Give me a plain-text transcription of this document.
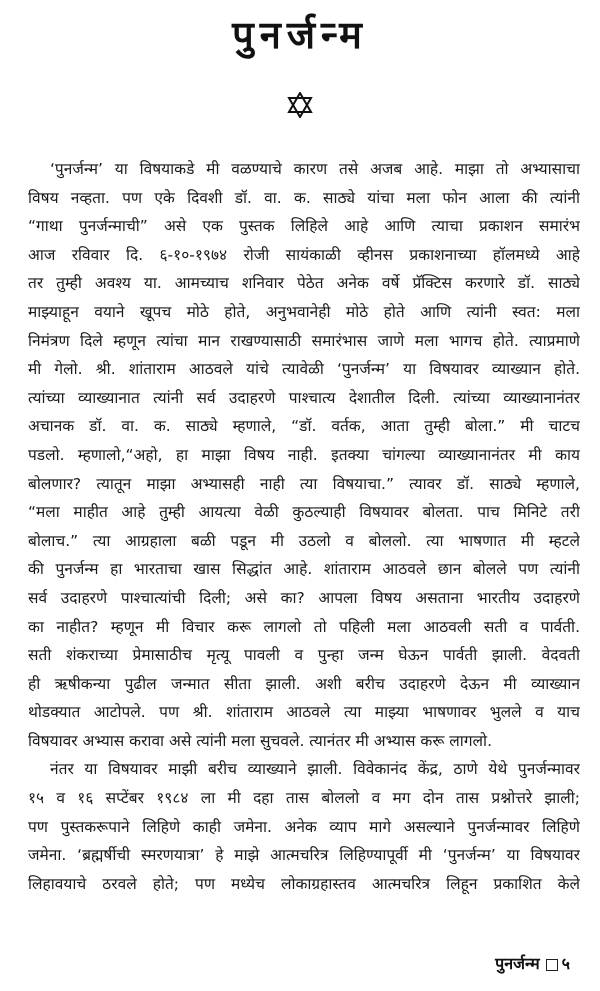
पुनर्जन्म
‘पुनर्जन्म’ या विषयाकडे मी वळण्याचे कारण तसे अजब आहे. माझा तो अभ्यासाचा
विषय नव्हता. पण एके दिवशी डॉ. वा. क. साठ्ये यांचा मला फोन आला की त्यांनी
“गाथा पुनर्जन्माची” असे एक पुस्तक लिहिले आहे आणि त्याचा प्रकाशन समारंभ
आज रविवार दि. ६-१०-१९७४ रोजी सायंकाळी व्हीनस प्रकाशनाच्या हॉलमध्ये आहे
तर तुम्ही अवश्य या. आमच्याच शनिवार पेठेत अनेक वर्षे प्रॅक्टिस करणारे डॉ. साठ्ये
माझ्याहून वयाने खूपच मोठे होते, अनुभवानेही मोठे होते आणि त्यांनी स्वत: मला
निमंत्रण दिले म्हणून त्यांचा मान राखण्यासाठी समारंभास जाणे मला भागच होते. त्याप्रमाणे
मी गेलो. श्री. शांताराम आठवले यांचे त्यावेळी ‘पुनर्जन्म’ या विषयावर व्याख्यान होते.
त्यांच्या व्याख्यानात त्यांनी सर्व उदाहरणे पाश्चात्य देशातील दिली. त्यांच्या व्याख्यानानंतर
अचानक डॉ. वा. क. साठ्ये म्हणाले, “डॉ. वर्तक, आता तुम्ही बोला.” मी चाटच
पडलो. म्हणालो,“अहो, हा माझा विषय नाही. इतक्या चांगल्या व्याख्यानानंतर मी काय
बोलणार? त्यातून माझा अभ्यासही नाही त्या विषयाचा.” त्यावर डॉ. साठ्ये म्हणाले,
“मला माहीत आहे तुम्ही आयत्या वेळी कुठल्याही विषयावर बोलता. पाच मिनिटे तरी
बोलाच.” त्या आग्रहाला बळी पडून मी उठलो व बोललो. त्या भाषणात मी म्हटले
की पुनर्जन्म हा भारताचा खास सिद्धांत आहे. शांताराम आठवले छान बोलले पण त्यांनी
सर्व उदाहरणे पाश्चात्यांची दिली; असे का? आपला विषय असताना भारतीय उदाहरणे
का नाहीत? म्हणून मी विचार करू लागलो तो पहिली मला आठवली सती व पार्वती.
सती शंकराच्या प्रेमासाठीच मृत्यू पावली व पुन्हा जन्म घेऊन पार्वती झाली. वेदवती
ही ऋषीकन्या पुढील जन्मात सीता झाली. अशी बरीच उदाहरणे देऊन मी व्याख्यान
थोडक्यात आटोपले. पण श्री. शांताराम आठवले त्या माझ्या भाषणावर भुलले व याच
विषयावर अभ्यास करावा असे त्यांनी मला सुचवले. त्यानंतर मी अभ्यास करू लागलो.
नंतर या विषयावर माझी बरीच व्याख्याने झाली. विवेकानंद केंद्र, ठाणे येथे पुनर्जन्मावर
१५ व १६ सप्टेंबर १९८४ ला मी दहा तास बोललो व मग दोन तास प्रश्नोत्तरे झाली;
पण पुस्तकरूपाने लिहिणे काही जमेना. अनेक व्याप मागे असल्याने पुनर्जन्मावर लिहिणे
जमेना. ‘ब्रह्मर्षीची स्मरणयात्रा’ हे माझे आत्मचरित्र लिहिण्यापूर्वी मी ‘पुनर्जन्म’ या विषयावर
लिहावयाचे ठरवले होते; पण मध्येच लोकाग्रहास्तव आत्मचरित्र लिहून प्रकाशित केले
पुनर्जन्म ५
